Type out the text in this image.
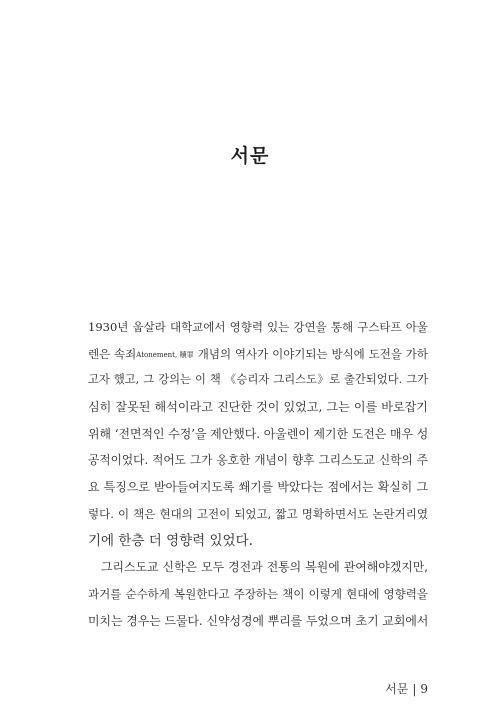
서문
1930년 웁살라 대학교에서 영향력 있는 강연을 통해 구스타프 아울
렌은 속죄Atonement, 贖罪 개념의 역사가 이야기되는 방식에 도전을 가하
고자 했고, 그 강의는 이 책 《승리자 그리스도》로 출간되었다. 그가
심히 잘못된 해석이라고 진단한 것이 있었고, 그는 이를 바로잡기
위해 ‘전면적인 수정’을 제안했다. 아울렌이 제기한 도전은 매우 성
공적이었다. 적어도 그가 옹호한 개념이 향후 그리스도교 신학의 주
요 특징으로 받아들여지도록 쐐기를 박았다는 점에서는 확실히 그
렇다. 이 책은 현대의 고전이 되었고, 짧고 명확하면서도 논란거리였
기에 한층 더 영향력 있었다.
그리스도교 신학은 모두 경전과 전통의 복원에 관여해야겠지만,
과거를 순수하게 복원한다고 주장하는 책이 이렇게 현대에 영향력을
미치는 경우는 드물다. 신약성경에 뿌리를 두었으며 초기 교회에서
서문 | 9
